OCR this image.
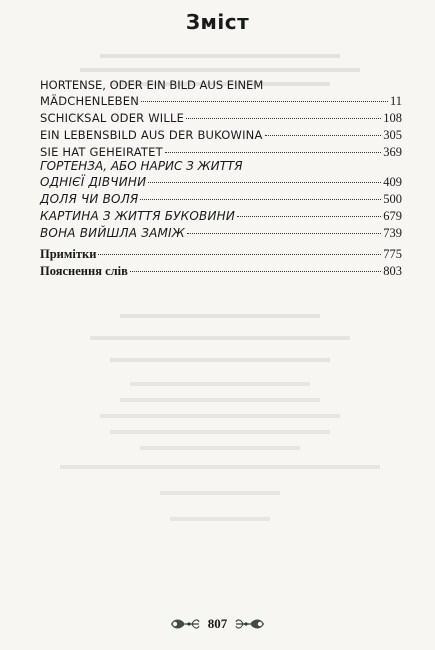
Зміст
HORTENSE, ODER EIN BILD AUS EINEM
MÄDCHENLEBEN	11
SCHICKSAL ODER WILLE	108
EIN LEBENSBILD AUS DER BUKOWINA	305
SIE HAT GEHEIRATET	369
ГОРТЕНЗА, АБО НАРИС З ЖИТТЯ
ОДНІЄЇ ДІВЧИНИ	409
ДОЛЯ ЧИ ВОЛЯ	500
КАРТИНА З ЖИТТЯ БУКОВИНИ	679
ВОНА ВИЙШЛА ЗАМІЖ	739
Примітки	775
Пояснення слів	803
807
